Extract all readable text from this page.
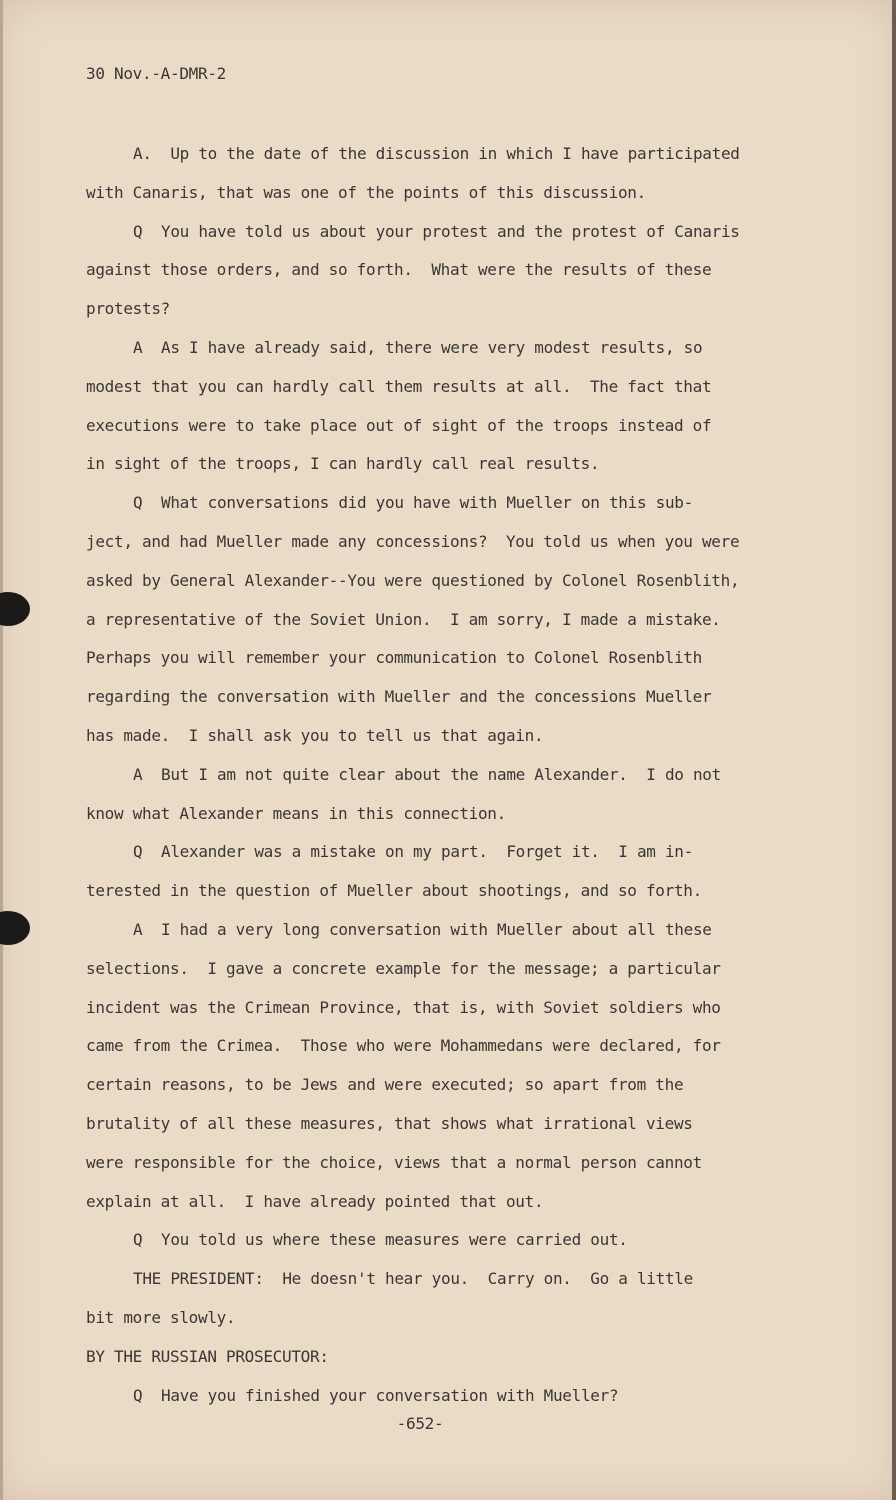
30 Nov.-A-DMR-2
A.  Up to the date of the discussion in which I have participated
with Canaris, that was one of the points of this discussion.
Q  You have told us about your protest and the protest of Canaris
against those orders, and so forth.  What were the results of these
protests?
A  As I have already said, there were very modest results, so
modest that you can hardly call them results at all.  The fact that
executions were to take place out of sight of the troops instead of
in sight of the troops, I can hardly call real results.
Q  What conversations did you have with Mueller on this sub-
ject, and had Mueller made any concessions?  You told us when you were
asked by General Alexander--You were questioned by Colonel Rosenblith,
a representative of the Soviet Union.  I am sorry, I made a mistake.
Perhaps you will remember your communication to Colonel Rosenblith
regarding the conversation with Mueller and the concessions Mueller
has made.  I shall ask you to tell us that again.
A  But I am not quite clear about the name Alexander.  I do not
know what Alexander means in this connection.
Q  Alexander was a mistake on my part.  Forget it.  I am in-
terested in the question of Mueller about shootings, and so forth.
A  I had a very long conversation with Mueller about all these
selections.  I gave a concrete example for the message; a particular
incident was the Crimean Province, that is, with Soviet soldiers who
came from the Crimea.  Those who were Mohammedans were declared, for
certain reasons, to be Jews and were executed; so apart from the
brutality of all these measures, that shows what irrational views
were responsible for the choice, views that a normal person cannot
explain at all.  I have already pointed that out.
Q  You told us where these measures were carried out.
THE PRESIDENT:  He doesn't hear you.  Carry on.  Go a little
bit more slowly.
BY THE RUSSIAN PROSECUTOR:
Q  Have you finished your conversation with Mueller?
-652-
